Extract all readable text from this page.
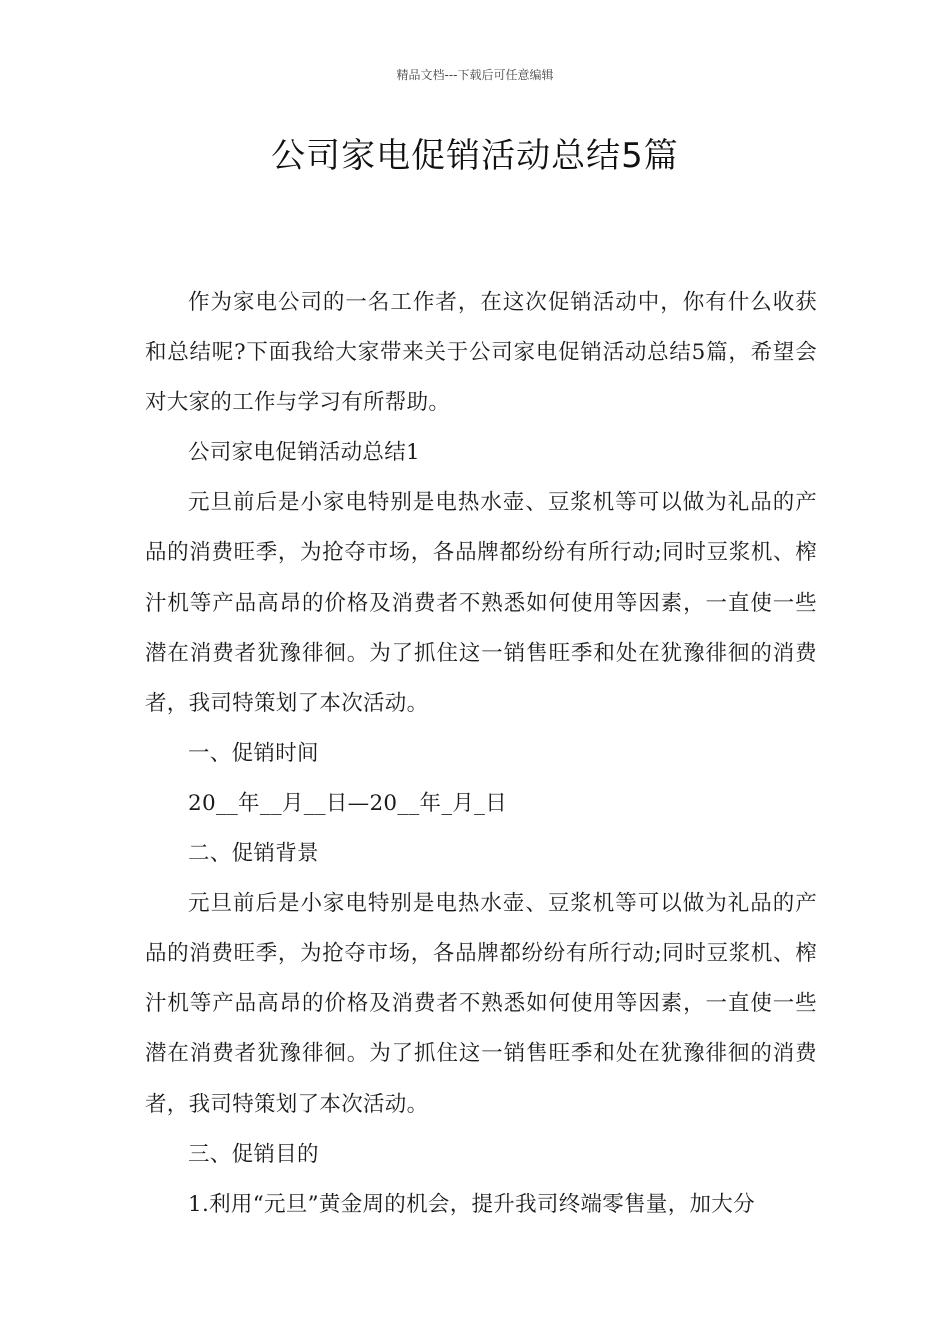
精品文档---下载后可任意编辑
公司家电促销活动总结5篇

作为家电公司的一名工作者，在这次促销活动中，你有什么收获和总结呢?下面我给大家带来关于公司家电促销活动总结5篇，希望会对大家的工作与学习有所帮助。

公司家电促销活动总结1

元旦前后是小家电特别是电热水壶、豆浆机等可以做为礼品的产品的消费旺季，为抢夺市场，各品牌都纷纷有所行动;同时豆浆机、榨汁机等产品高昂的价格及消费者不熟悉如何使用等因素，一直使一些潜在消费者犹豫徘徊。为了抓住这一销售旺季和处在犹豫徘徊的消费者，我司特策划了本次活动。

一、促销时间

20__年__月__日—20__年_月_日

二、促销背景

元旦前后是小家电特别是电热水壶、豆浆机等可以做为礼品的产品的消费旺季，为抢夺市场，各品牌都纷纷有所行动;同时豆浆机、榨汁机等产品高昂的价格及消费者不熟悉如何使用等因素，一直使一些潜在消费者犹豫徘徊。为了抓住这一销售旺季和处在犹豫徘徊的消费者，我司特策划了本次活动。

三、促销目的

1.利用“元旦”黄金周的机会，提升我司终端零售量，加大分
